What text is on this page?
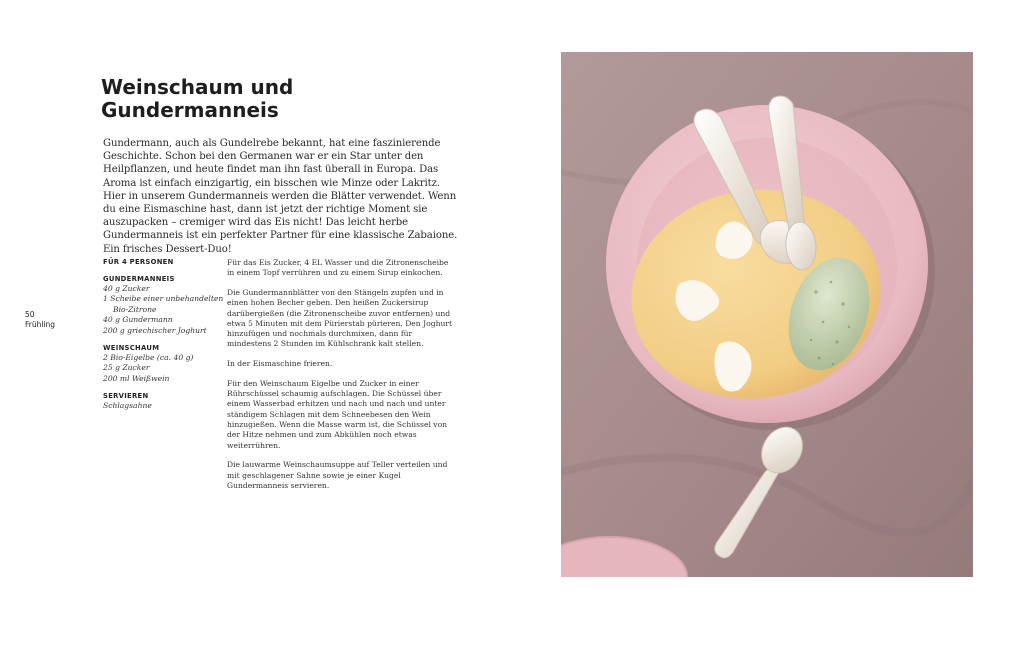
Weinschaum und
Gundermanneis

Gundermann, auch als Gundelrebe bekannt, hat eine faszinierende Geschichte. Schon bei den Germanen war er ein Star unter den Heilpflanzen, und heute findet man ihn fast überall in Europa. Das Aroma ist einfach einzigartig, ein bisschen wie Minze oder Lakritz. Hier in unserem Gundermanneis werden die Blätter verwendet. Wenn du eine Eismaschine hast, dann ist jetzt der richtige Moment sie auszupacken – cremiger wird das Eis nicht! Das leicht herbe Gundermanneis ist ein perfekter Partner für eine klassische Zabaione. Ein frisches Dessert-Duo!

50
Frühling
FÜR 4 PERSONEN
GUNDERMANNEIS
40 g Zucker
1 Scheibe einer unbehandelten
Bio-Zitrone
40 g Gundermann
200 g griechischer Joghurt
WEINSCHAUM
2 Bio-Eigelbe (ca. 40 g)
25 g Zucker
200 ml Weißwein
SERVIEREN
Schlagsahne

Für das Eis Zucker, 4 EL Wasser und die Zitronenscheibe in einem Topf verrühren und zu einem Sirup einkochen.

Die Gundermannblätter von den Stängeln zupfen und in einen hohen Becher geben. Den heißen Zuckersirup darübergießen (die Zitronenscheibe zuvor entfernen) und etwa 5 Minuten mit dem Pürierstab pürieren. Den Joghurt hinzufügen und nochmals durchmixen, dann für mindestens 2 Stunden im Kühlschrank kalt stellen.

In der Eismaschine frieren.

Für den Weinschaum Eigelbe und Zucker in einer Rührschüssel schaumig aufschlagen. Die Schüssel über einem Wasserbad erhitzen und nach und nach und unter ständigem Schlagen mit dem Schneebesen den Wein hinzugießen. Wenn die Masse warm ist, die Schüssel von der Hitze nehmen und zum Abkühlen noch etwas weiterrühren.

Die lauwarme Weinschaumsuppe auf Teller verteilen und mit geschlagener Sahne sowie je einer Kugel Gundermanneis servieren.
